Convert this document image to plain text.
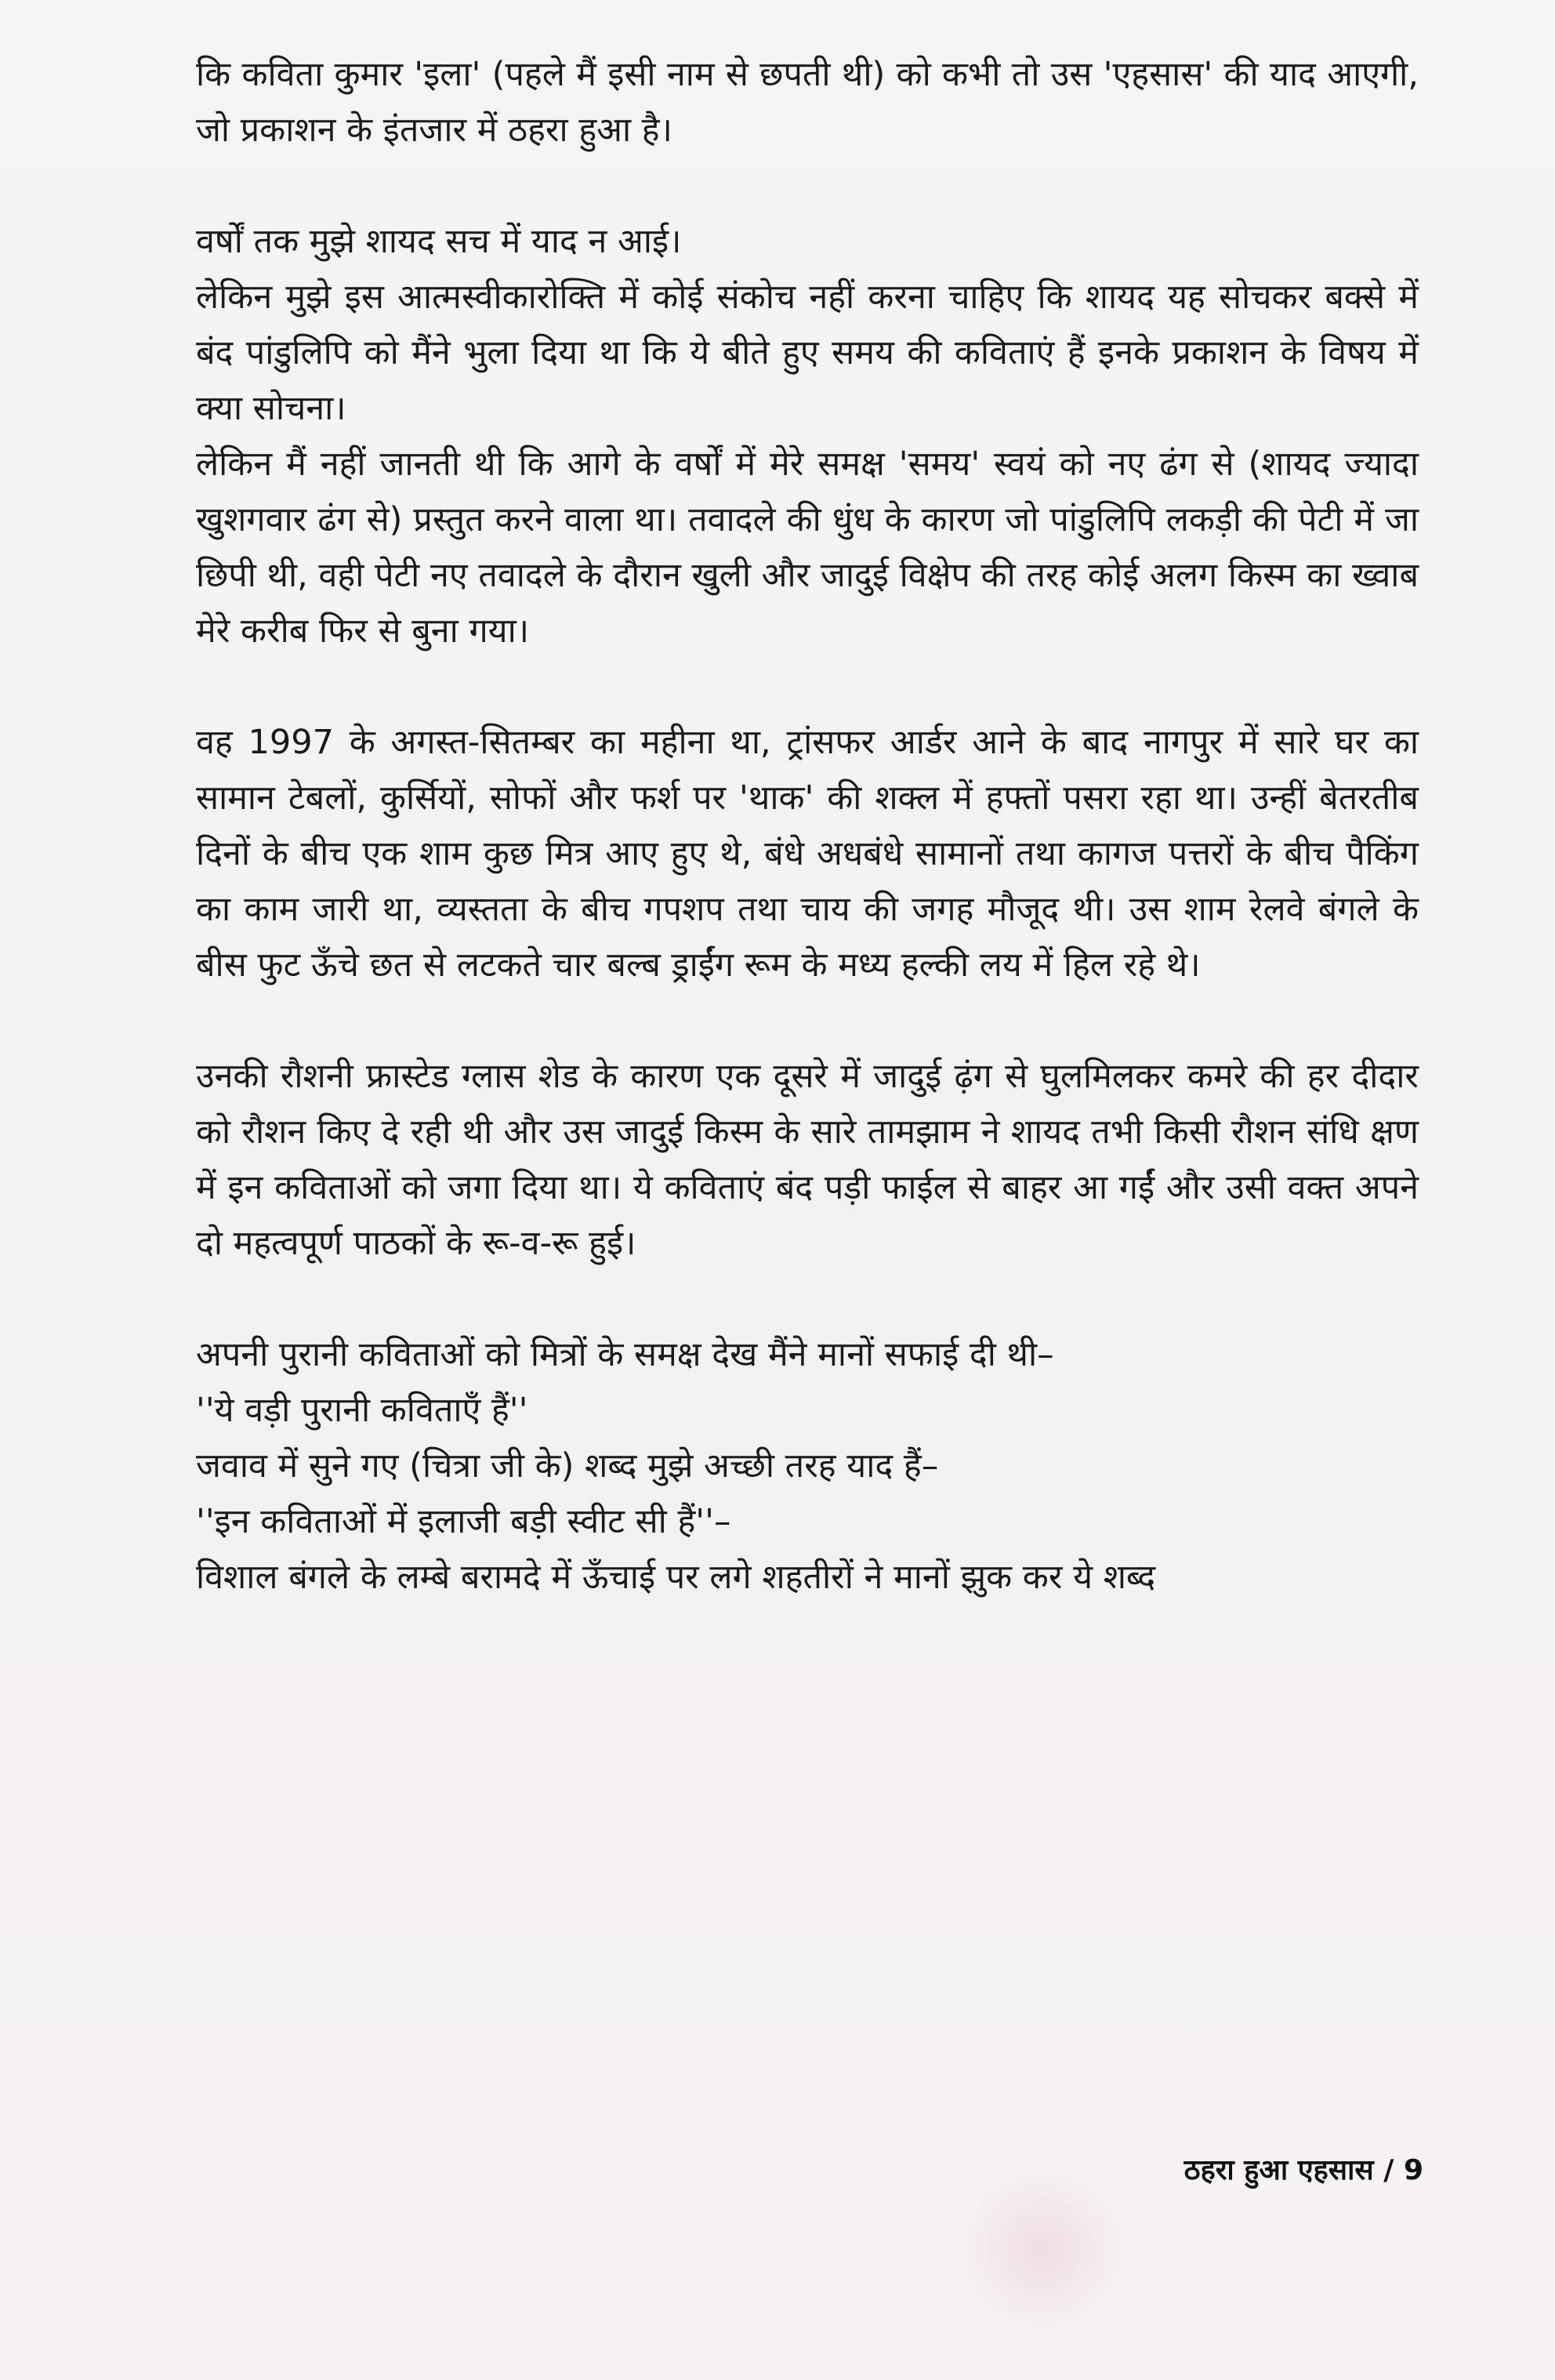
कि कविता कुमार 'इला' (पहले मैं इसी नाम से छपती थी) को कभी तो उस 'एहसास' की याद आएगी, जो प्रकाशन के इंतजार में ठहरा हुआ है।

वर्षों तक मुझे शायद सच में याद न आई।

लेकिन मुझे इस आत्मस्वीकारोक्ति में कोई संकोच नहीं करना चाहिए कि शायद यह सोचकर बक्से में बंद पांडुलिपि को मैंने भुला दिया था कि ये बीते हुए समय की कविताएं हैं इनके प्रकाशन के विषय में क्या सोचना।

लेकिन मैं नहीं जानती थी कि आगे के वर्षों में मेरे समक्ष 'समय' स्वयं को नए ढंग से (शायद ज्यादा खुशगवार ढंग से) प्रस्तुत करने वाला था। तवादले की धुंध के कारण जो पांडुलिपि लकड़ी की पेटी में जा छिपी थी, वही पेटी नए तवादले के दौरान खुली और जादुई विक्षेप की तरह कोई अलग किस्म का ख्वाब मेरे करीब फिर से बुना गया।

वह 1997 के अगस्त-सितम्बर का महीना था, ट्रांसफर आर्डर आने के बाद नागपुर में सारे घर का सामान टेबलों, कुर्सियों, सोफों और फर्श पर 'थाक' की शक्ल में हफ्तों पसरा रहा था। उन्हीं बेतरतीब दिनों के बीच एक शाम कुछ मित्र आए हुए थे, बंधे अधबंधे सामानों तथा कागज पत्तरों के बीच पैकिंग का काम जारी था, व्यस्तता के बीच गपशप तथा चाय की जगह मौजूद थी। उस शाम रेलवे बंगले के बीस फुट ऊँचे छत से लटकते चार बल्ब ड्राईंग रूम के मध्य हल्की लय में हिल रहे थे।

उनकी रौशनी फ्रास्टेड ग्लास शेड के कारण एक दूसरे में जादुई ढ़ंग से घुलमिलकर कमरे की हर दीदार को रौशन किए दे रही थी और उस जादुई किस्म के सारे तामझाम ने शायद तभी किसी रौशन संधि क्षण में इन कविताओं को जगा दिया था। ये कविताएं बंद पड़ी फाईल से बाहर आ गईं और उसी वक्त अपने दो महत्वपूर्ण पाठकों के रू-व-रू हुई।

अपनी पुरानी कविताओं को मित्रों के समक्ष देख मैंने मानों सफाई दी थी–

''ये वड़ी पुरानी कविताएँ हैं''

जवाव में सुने गए (चित्रा जी के) शब्द मुझे अच्छी तरह याद हैं–

''इन कविताओं में इलाजी बड़ी स्वीट सी हैं''–

विशाल बंगले के लम्बे बरामदे में ऊँचाई पर लगे शहतीरों ने मानों झुक कर ये शब्द

ठहरा हुआ एहसास / 9
